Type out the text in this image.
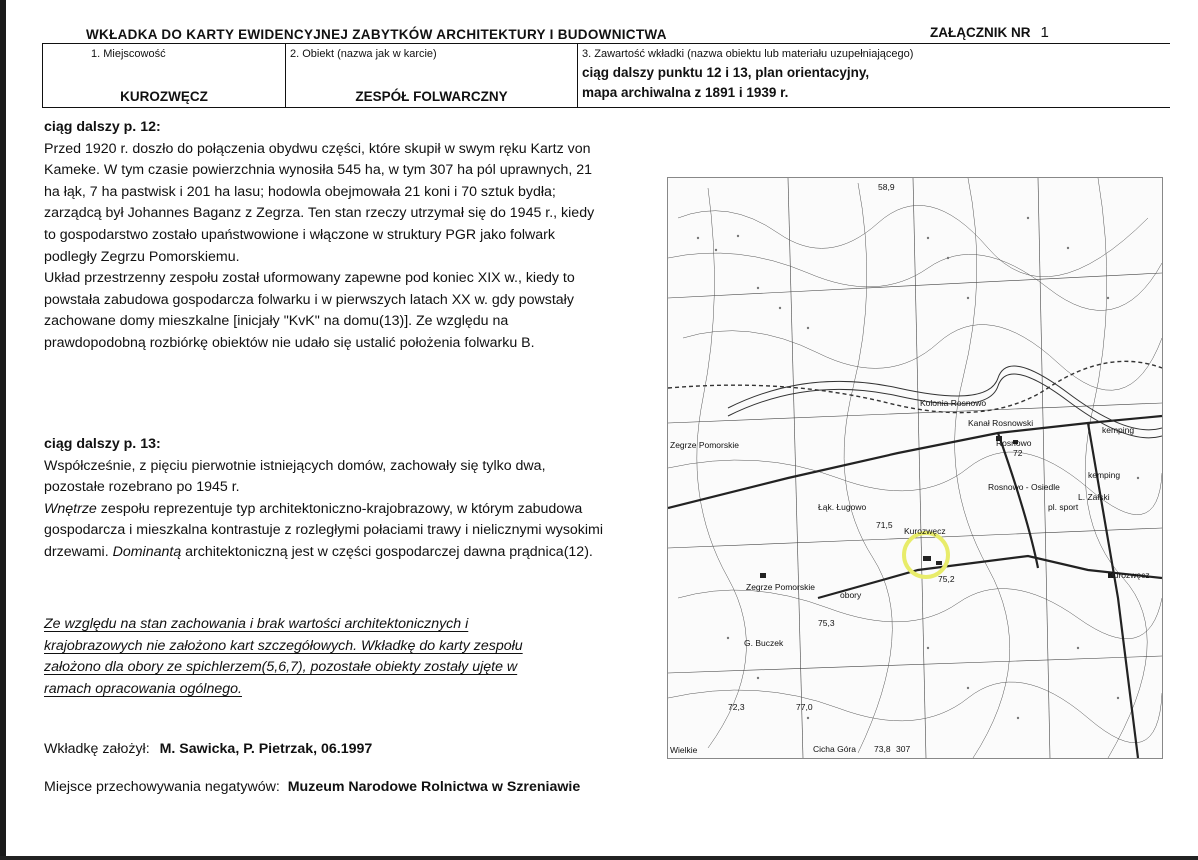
WKŁADKA DO KARTY EWIDENCYJNEJ ZABYTKÓW ARCHITEKTURY I BUDOWNICTWA	ZAŁĄCZNIK NR 1
1. Miejscowość
KUROZWĘCZ
2. Obiekt (nazwa jak w karcie)
ZESPÓŁ FOLWARCZNY
3. Zawartość wkładki (nazwa obiektu lub materiału uzupełniającego)
ciąg dalszy punktu 12 i 13, plan orientacyjny,
mapa archiwalna z 1891 i 1939 r.

ciąg dalszy p. 12:

Przed 1920 r. doszło do połączenia obydwu części, które skupił w swym ręku Kartz von Kameke. W tym czasie powierzchnia wynosiła 545 ha, w tym 307 ha pól uprawnych, 21 ha łąk, 7 ha pastwisk i 201 ha lasu; hodowla obejmowała 21 koni i 70 sztuk bydła; zarządcą był Johannes Baganz z Zegrza. Ten stan rzeczy utrzymał się do 1945 r., kiedy to gospodarstwo zostało upaństwowione i włączone w struktury PGR jako folwark podległy Zegrzu Pomorskiemu.

Układ przestrzenny zespołu został uformowany zapewne pod koniec XIX w., kiedy to powstała zabudowa gospodarcza folwarku i w pierwszych latach XX w. gdy powstały zachowane domy mieszkalne [inicjały "KvK" na domu(13)]. Ze względu na prawdopodobną rozbiórkę obiektów nie udało się ustalić położenia folwarku B.

ciąg dalszy p. 13:

Współcześnie, z pięciu pierwotnie istniejących domów, zachowały się tylko dwa, pozostałe rozebrano po 1945 r.

Wnętrze zespołu reprezentuje typ architektoniczno-krajobrazowy, w którym zabudowa gospodarcza i mieszkalna kontrastuje z rozległymi połaciami trawy i nielicznymi wysokimi drzewami. Dominantą architektoniczną jest w części gospodarczej dawna prądnica(12).

Ze względu na stan zachowania i brak wartości architektonicznych i krajobrazowych nie założono kart szczegółowych. Wkładkę do karty zespołu założono dla obory ze spichlerzem(5,6,7), pozostałe obiekty zostały ujęte w ramach opracowania ogólnego.
Wkładkę założył: M. Sawicka, P. Pietrzak, 06.1997
Miejsce przechowywania negatywów: Muzeum Narodowe Rolnictwa w Szreniawie
Rosnowo
Kolonia Rosnowo
Rosnowo - Osiedle
Kurozwęcz
Kurozwęcz
Zegrze Pomorskie
Zegrze Pomorskie
G. Buczek
obory
kemping
kemping
Wielkie
L. Załski
pl. sport
Łąk. Ługowo
Kanał Rosnowski
Cicha Góra
58,9
72
71,5
75,2
73,8 307
75,3
72,3	77,0
